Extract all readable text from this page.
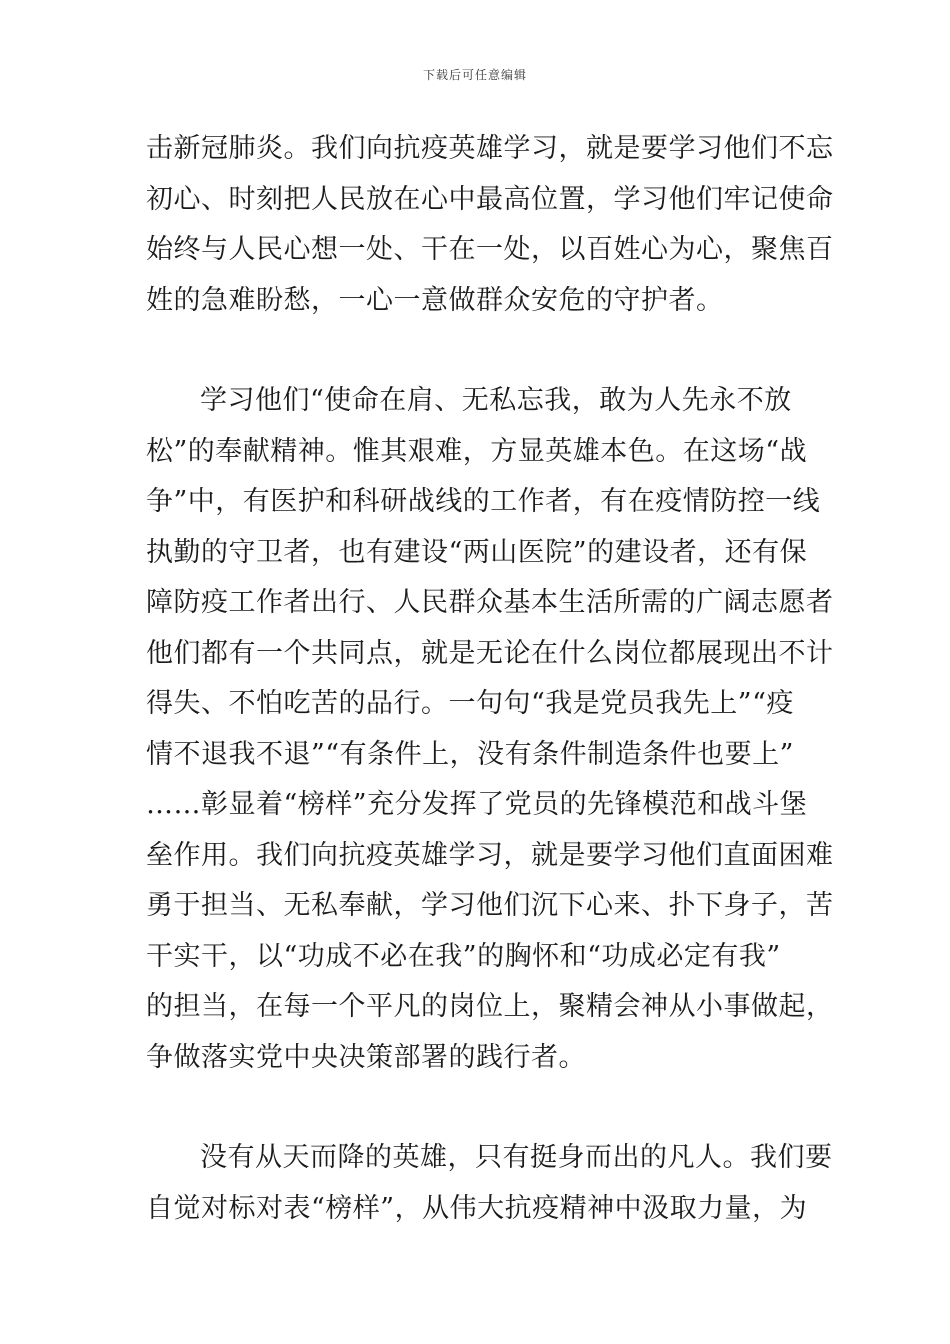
下载后可任意编辑
击新冠肺炎。我们向抗疫英雄学习，就是要学习他们不忘
初心、时刻把人民放在心中最高位置，学习他们牢记使命
始终与人民心想一处、干在一处，以百姓心为心，聚焦百
姓的急难盼愁，一心一意做群众安危的守护者。
学习他们“使命在肩、无私忘我，敢为人先永不放
松”的奉献精神。惟其艰难，方显英雄本色。在这场“战
争”中，有医护和科研战线的工作者，有在疫情防控一线
执勤的守卫者，也有建设“两山医院”的建设者，还有保
障防疫工作者出行、人民群众基本生活所需的广阔志愿者
他们都有一个共同点，就是无论在什么岗位都展现出不计
得失、不怕吃苦的品行。一句句“我是党员我先上”“疫
情不退我不退”“有条件上，没有条件制造条件也要上”
……彰显着“榜样”充分发挥了党员的先锋模范和战斗堡
垒作用。我们向抗疫英雄学习，就是要学习他们直面困难
勇于担当、无私奉献，学习他们沉下心来、扑下身子，苦
干实干，以“功成不必在我”的胸怀和“功成必定有我”
的担当，在每一个平凡的岗位上，聚精会神从小事做起，
争做落实党中央决策部署的践行者。
没有从天而降的英雄，只有挺身而出的凡人。我们要
自觉对标对表“榜样”，从伟大抗疫精神中汲取力量，为
